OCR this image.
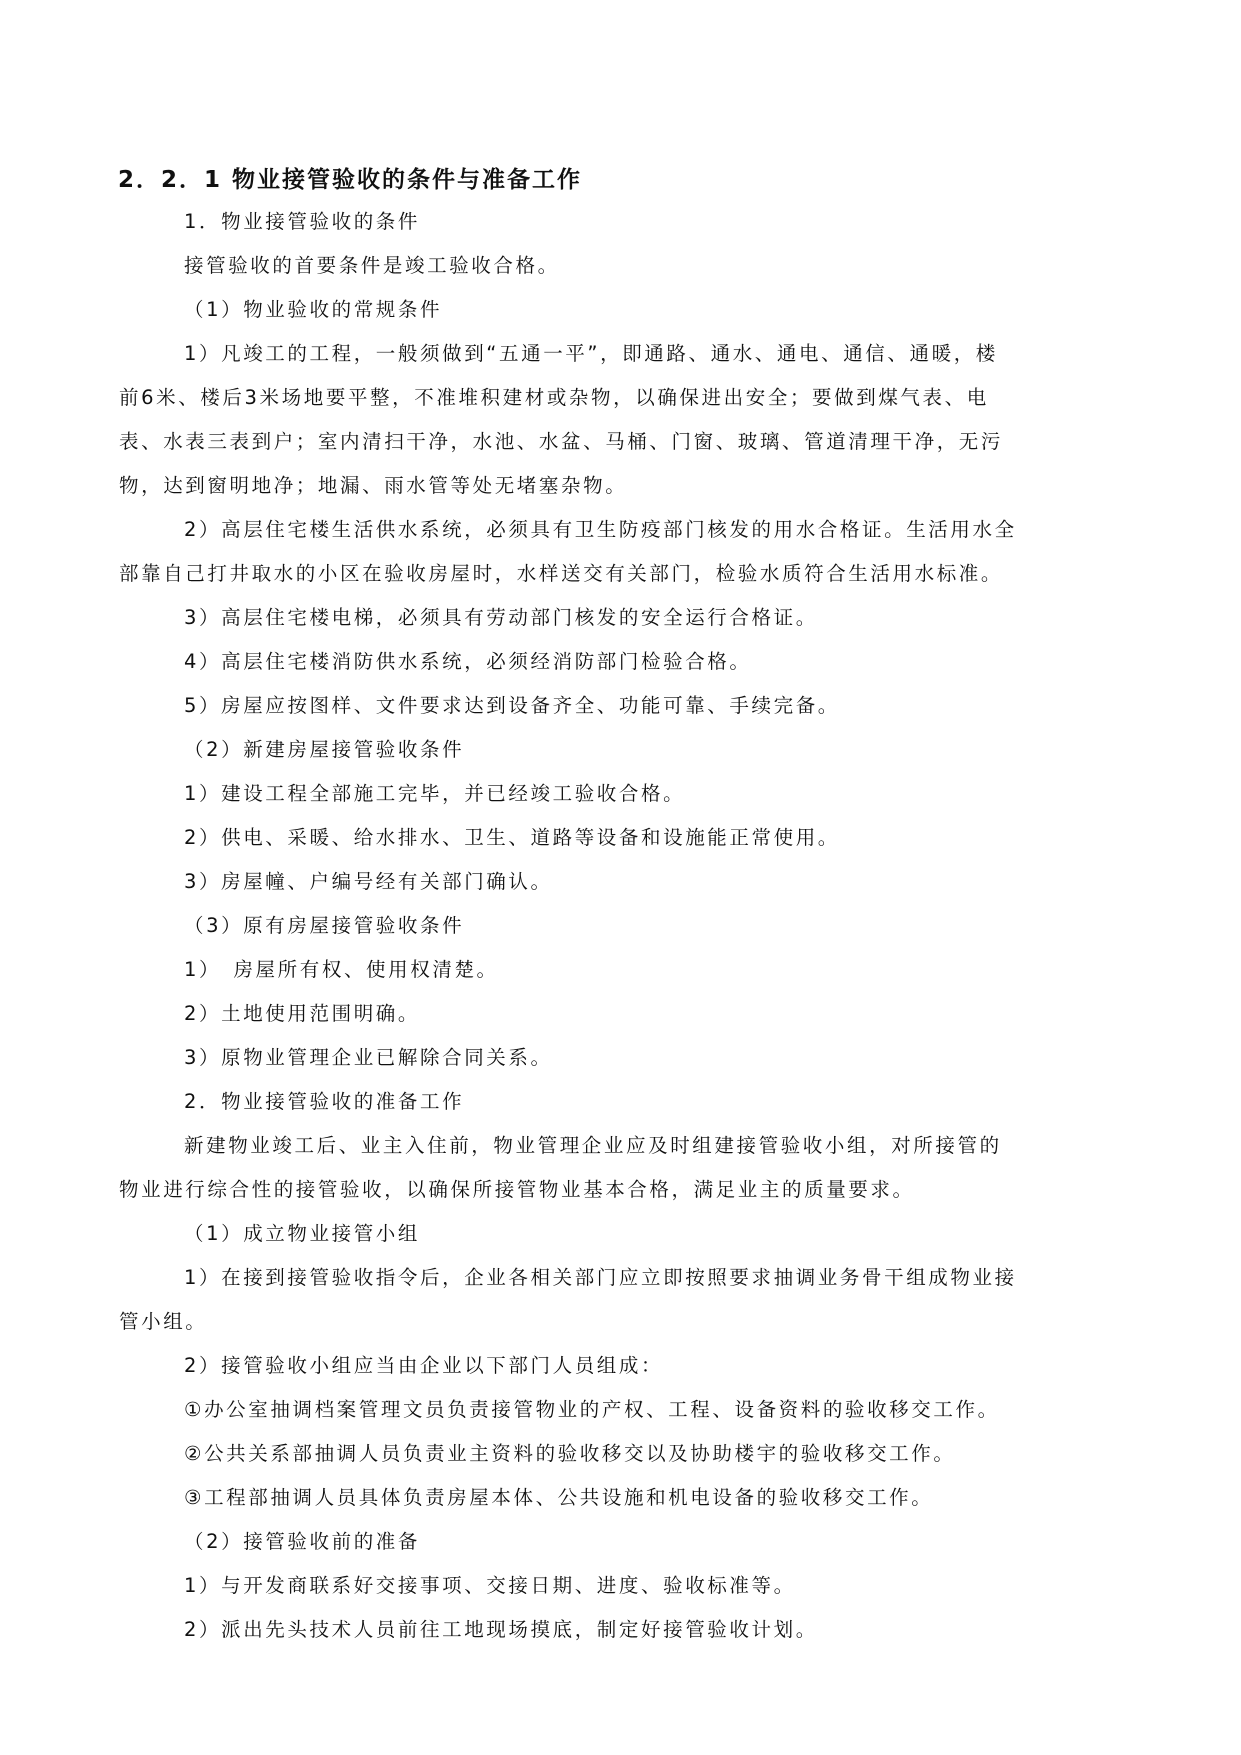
2．2．1 物业接管验收的条件与准备工作

1．物业接管验收的条件

接管验收的首要条件是竣工验收合格。

（1）物业验收的常规条件

1）凡竣工的工程，一般须做到“五通一平”，即通路、通水、通电、通信、通暖，楼

前6米、楼后3米场地要平整，不准堆积建材或杂物，以确保进出安全；要做到煤气表、电

表、水表三表到户；室内清扫干净，水池、水盆、马桶、门窗、玻璃、管道清理干净，无污

物，达到窗明地净；地漏、雨水管等处无堵塞杂物。

2）高层住宅楼生活供水系统，必须具有卫生防疫部门核发的用水合格证。生活用水全

部靠自己打井取水的小区在验收房屋时，水样送交有关部门，检验水质符合生活用水标准。

3）高层住宅楼电梯，必须具有劳动部门核发的安全运行合格证。

4）高层住宅楼消防供水系统，必须经消防部门检验合格。

5）房屋应按图样、文件要求达到设备齐全、功能可靠、手续完备。

（2）新建房屋接管验收条件

1）建设工程全部施工完毕，并已经竣工验收合格。

2）供电、采暖、给水排水、卫生、道路等设备和设施能正常使用。

3）房屋幢、户编号经有关部门确认。

（3）原有房屋接管验收条件

1）　房屋所有权、使用权清楚。

2）土地使用范围明确。

3）原物业管理企业已解除合同关系。

2．物业接管验收的准备工作

新建物业竣工后、业主入住前，物业管理企业应及时组建接管验收小组，对所接管的

物业进行综合性的接管验收，以确保所接管物业基本合格，满足业主的质量要求。

（1）成立物业接管小组

1）在接到接管验收指令后，企业各相关部门应立即按照要求抽调业务骨干组成物业接

管小组。

2）接管验收小组应当由企业以下部门人员组成：

①办公室抽调档案管理文员负责接管物业的产权、工程、设备资料的验收移交工作。

②公共关系部抽调人员负责业主资料的验收移交以及协助楼宇的验收移交工作。

③工程部抽调人员具体负责房屋本体、公共设施和机电设备的验收移交工作。

（2）接管验收前的准备

1）与开发商联系好交接事项、交接日期、进度、验收标准等。

2）派出先头技术人员前往工地现场摸底，制定好接管验收计划。
